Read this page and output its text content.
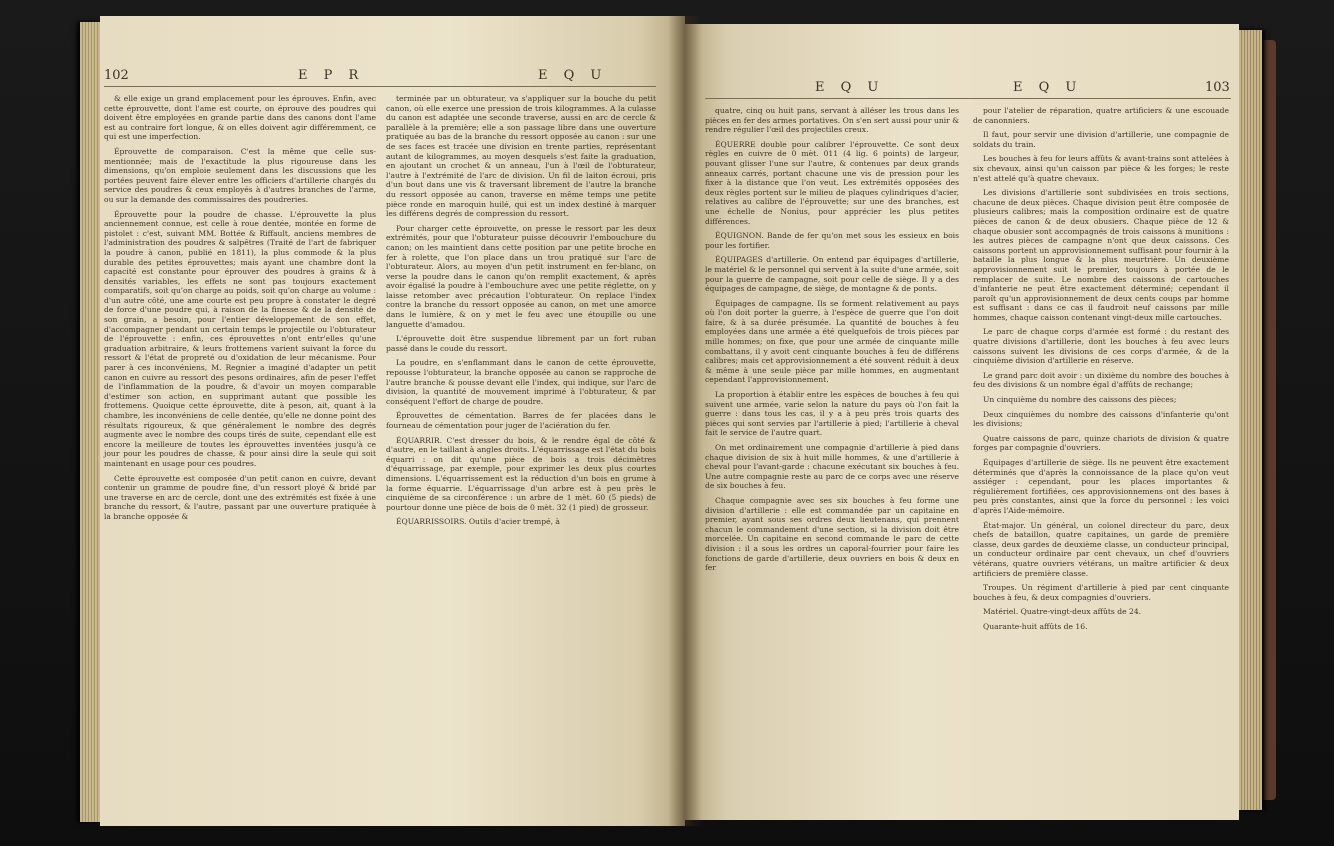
102	E P R	E Q U

& elle exige un grand emplacement pour les éprouves. Enfin, avec cette éprouvette, dont l'ame est courte, on éprouve des poudres qui doivent être employées en grande partie dans des canons dont l'ame est au contraire fort longue, & on elles doivent agir différemment, ce qui est une imperfection.

Éprouvette de comparaison. C'est la même que celle sus-mentionnée; mais de l'exactitude la plus rigoureuse dans les dimensions, qu'on emploie seulement dans les discussions que les portées peuvent faire élever entre les officiers d'artillerie chargés du service des poudres & ceux employés à d'autres branches de l'arme, ou sur la demande des commissaires des poudreries.

Éprouvette pour la poudre de chasse. L'éprouvette la plus anciennement connue, est celle à roue dentée, montée en forme de pistolet : c'est, suivant MM. Bottée & Riffault, anciens membres de l'administration des poudres & salpêtres (Traité de l'art de fabriquer la poudre à canon, publié en 1811), la plus commode & la plus durable des petites éprouvettes; mais ayant une chambre dont la capacité est constante pour éprouver des poudres à grains & à densités variables, les effets ne sont pas toujours exactement comparatifs, soit qu'on charge au poids, soit qu'on charge au volume : d'un autre côté, une ame courte est peu propre à constater le degré de force d'une poudre qui, à raison de la finesse & de la densité de son grain, a besoin, pour l'entier développement de son effet, d'accompagner pendant un certain temps le projectile ou l'obturateur de l'éprouvette : enfin, ces éprouvettes n'ont entr'elles qu'une graduation arbitraire, & leurs frottemens varient suivant la force du ressort & l'état de propreté ou d'oxidation de leur mécanisme. Pour parer à ces inconvéniens, M. Regnier a imaginé d'adapter un petit canon en cuivre au ressort des pesons ordinaires, afin de peser l'effet de l'inflammation de la poudre, & d'avoir un moyen comparable d'estimer son action, en supprimant autant que possible les frottemens. Quoique cette éprouvette, dite à peson, ait, quant à la chambre, les inconvéniens de celle dentée, qu'elle ne donne point des résultats rigoureux, & que généralement le nombre des degrés augmente avec le nombre des coups tirés de suite, cependant elle est encore la meilleure de toutes les éprouvettes inventées jusqu'à ce jour pour les poudres de chasse, & pour ainsi dire la seule qui soit maintenant en usage pour ces poudres.

Cette éprouvette est composée d'un petit canon en cuivre, devant contenir un gramme de poudre fine, d'un ressort ployé & bridé par une traverse en arc de cercle, dont une des extrémités est fixée à une branche du ressort, & l'autre, passant par une ouverture pratiquée à la branche opposée &

terminée par un obturateur, va s'appliquer sur la bouche du petit canon, où elle exerce une pression de trois kilogrammes. A la culasse du canon est adaptée une seconde traverse, aussi en arc de cercle & parallèle à la première; elle a son passage libre dans une ouverture pratiquée au bas de la branche du ressort opposée au canon : sur une de ses faces est tracée une division en trente parties, représentant autant de kilogrammes, au moyen desquels s'est faite la graduation, en ajoutant un crochet & un anneau, l'un à l'œil de l'obturateur, l'autre à l'extrémité de l'arc de division. Un fil de laiton écroui, pris d'un bout dans une vis & traversant librement de l'autre la branche du ressort opposée au canon, traverse en même temps une petite pièce ronde en maroquin huilé, qui est un index destiné à marquer les différens degrés de compression du ressort.

Pour charger cette éprouvette, on presse le ressort par les deux extrémités, pour que l'obturateur puisse découvrir l'embouchure du canon; on les maintient dans cette position par une petite broche en fer à rolette, que l'on place dans un trou pratiqué sur l'arc de l'obturateur. Alors, au moyen d'un petit instrument en fer-blanc, on verse la poudre dans le canon qu'on remplit exactement, & après avoir égalisé la poudre à l'embouchure avec une petite réglette, on y laisse retomber avec précaution l'obturateur. On replace l'index contre la branche du ressort opposée au canon, on met une amorce dans le lumière, & on y met le feu avec une étoupille ou une languette d'amadou.

L'éprouvette doit être suspendue librement par un fort ruban passé dans le coude du ressort.

La poudre, en s'enflammant dans le canon de cette éprouvette, repousse l'obturateur, la branche opposée au canon se rapproche de l'autre branche & pousse devant elle l'index, qui indique, sur l'arc de division, la quantité de mouvement imprimé à l'obturateur, & par conséquent l'effort de charge de poudre.

Éprouvettes de cémentation. Barres de fer placées dans le fourneau de cémentation pour juger de l'aciération du fer.

ÉQUARRIR. C'est dresser du bois, & le rendre égal de côté & d'autre, en le taillant à angles droits. L'équarrissage est l'état du bois équarri : on dit qu'une pièce de bois a trois décimètres d'équarrissage, par exemple, pour exprimer les deux plus courtes dimensions. L'équarrissement est la réduction d'un bois en grume à la forme équarrie. L'équarrissage d'un arbre est à peu près le cinquième de sa circonférence : un arbre de 1 mèt. 60 (5 pieds) de pourtour donne une pièce de bois de 0 mèt. 32 (1 pied) de grosseur.

ÉQUARRISSOIRS. Outils d'acier trempé, à

E Q U	E Q U	103

quatre, cinq ou huit pans, servant à alléser les trous dans les pièces en fer des armes portatives. On s'en sert aussi pour unir & rendre régulier l'œil des projectiles creux.

ÉQUERRE double pour calibrer l'éprouvette. Ce sont deux règles en cuivre de 0 mèt. 011 (4 lig. 6 points) de largeur, pouvant glisser l'une sur l'autre, & contenues par deux grands anneaux carrés, portant chacune une vis de pression pour les fixer à la distance que l'on veut. Les extrémités opposées des deux règles portent sur le milieu de plaques cylindriques d'acier, relatives au calibre de l'éprouvette; sur une des branches, est une échelle de Nonius, pour apprécier les plus petites différences.

ÉQUIGNON. Bande de fer qu'on met sous les essieux en bois pour les fortifier.

ÉQUIPAGES d'artillerie. On entend par équipages d'artillerie, le matériel & le personnel qui servent à la suite d'une armée, soit pour la guerre de campagne, soit pour celle de siège. Il y a des équipages de campagne, de siège, de montagne & de ponts.

Équipages de campagne. Ils se forment relativement au pays où l'on doit porter la guerre, à l'espèce de guerre que l'on doit faire, & à sa durée présumée. La quantité de bouches à feu employées dans une armée a été quelquefois de trois pièces par mille hommes; on fixe, que pour une armée de cinquante mille combattans, il y avoit cent cinquante bouches à feu de différens calibres; mais cet approvisionnement a été souvent réduit à deux & même à une seule pièce par mille hommes, en augmentant cependant l'approvisionnement.

La proportion à établir entre les espèces de bouches à feu qui suivent une armée, varie selon la nature du pays où l'on fait la guerre : dans tous les cas, il y a à peu près trois quarts des pièces qui sont servies par l'artillerie à pied; l'artillerie à cheval fait le service de l'autre quart.

On met ordinairement une compagnie d'artillerie à pied dans chaque division de six à huit mille hommes, & une d'artillerie à cheval pour l'avant-garde : chacune exécutant six bouches à feu. Une autre compagnie reste au parc de ce corps avec une réserve de six bouches à feu.

Chaque compagnie avec ses six bouches à feu forme une division d'artillerie : elle est commandée par un capitaine en premier, ayant sous ses ordres deux lieutenans, qui prennent chacun le commandement d'une section, si la division doit être morcelée. Un capitaine en second commande le parc de cette division : il a sous les ordres un caporal-fourrier pour faire les fonctions de garde d'artillerie, deux ouvriers en bois & deux en fer

pour l'atelier de réparation, quatre artificiers & une escouade de canonniers.

Il faut, pour servir une division d'artillerie, une compagnie de soldats du train.

Les bouches à feu for leurs affûts & avant-trains sont attelées à six chevaux, ainsi qu'un caisson par pièce & les forges; le reste n'est attelé qu'à quatre chevaux.

Les divisions d'artillerie sont subdivisées en trois sections, chacune de deux pièces. Chaque division peut être composée de plusieurs calibres; mais la composition ordinaire est de quatre pièces de canon & de deux obusiers. Chaque pièce de 12 & chaque obusier sont accompagnés de trois caissons à munitions : les autres pièces de campagne n'ont que deux caissons. Ces caissons portent un approvisionnement suffisant pour fournir à la bataille la plus longue & la plus meurtrière. Un deuxième approvisionnement suit le premier, toujours à portée de le remplacer de suite. Le nombre des caissons de cartouches d'infanterie ne peut être exactement déterminé; cependant il paroît qu'un approvisionnement de deux cents coups par homme est suffisant : dans ce cas il faudroit neuf caissons par mille hommes, chaque caisson contenant vingt-deux mille cartouches.

Le parc de chaque corps d'armée est formé : du restant des quatre divisions d'artillerie, dont les bouches à feu avec leurs caissons suivent les divisions de ces corps d'armée, & de la cinquième division d'artillerie en réserve.

Le grand parc doit avoir : un dixième du nombre des bouches à feu des divisions & un nombre égal d'affûts de rechange;

Un cinquième du nombre des caissons des pièces;

Deux cinquièmes du nombre des caissons d'infanterie qu'ont les divisions;

Quatre caissons de parc, quinze chariots de division & quatre forges par compagnie d'ouvriers.

Équipages d'artillerie de siège. Ils ne peuvent être exactement déterminés que d'après la connoissance de la place qu'on veut assiéger : cependant, pour les places importantes & régulièrement fortifiées, ces approvisionnemens ont des bases à peu près constantes, ainsi que la force du personnel : les voici d'après l'Aide-mémoire.

État-major. Un général, un colonel directeur du parc, deux chefs de bataillon, quatre capitaines, un garde de première classe, deux gardes de deuxième classe, un conducteur principal, un conducteur ordinaire par cent chevaux, un chef d'ouvriers vétérans, quatre ouvriers vétérans, un maître artificier & deux artificiers de première classe.

Troupes. Un régiment d'artillerie à pied par cent cinquante bouches à feu, & deux compagnies d'ouvriers.

Matériel. Quatre-vingt-deux affûts de 24.

Quarante-huit affûts de 16.
